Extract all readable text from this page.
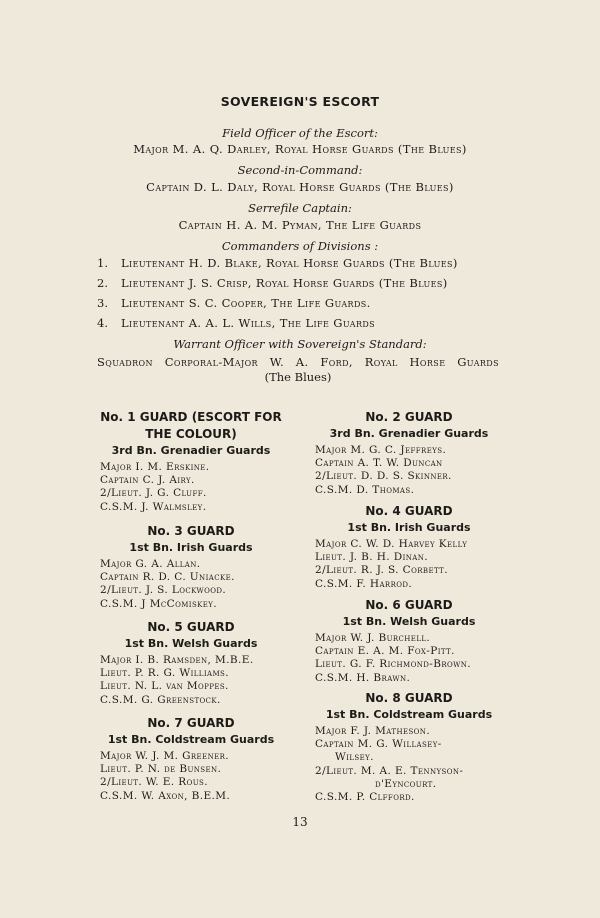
SOVEREIGN'S ESCORT
Field Officer of the Escort:
Major M. A. Q. Darley, Royal Horse Guards (The Blues)
Second-in-Command:
Captain D. L. Daly, Royal Horse Guards (The Blues)
Serrefile Captain:
Captain H. A. M. Pyman, The Life Guards
Commanders of Divisions :
1. Lieutenant H. D. Blake, Royal Horse Guards (The Blues)
2. Lieutenant J. S. Crisp, Royal Horse Guards (The Blues)
3. Lieutenant S. C. Cooper, The Life Guards.
4. Lieutenant A. A. L. Wills, The Life Guards
Warrant Officer with Sovereign's Standard:
Squadron Corporal-Major W. A. Ford, Royal Horse Guards
(The Blues)
No. 1 GUARD (ESCORT FOR
THE COLOUR)
3rd Bn. Grenadier Guards
Major I. M. Erskine.
Captain C. J. Airy.
2/Lieut. J. G. Cluff.
C.S.M. J. Walmsley.
No. 3 GUARD
1st Bn. Irish Guards
Major G. A. Allan.
Captain R. D. C. Uniacke.
2/Lieut. J. S. Lockwood.
C.S.M. J McComiskey.
No. 5 GUARD
1st Bn. Welsh Guards
Major I. B. Ramsden, M.B.E.
Lieut. P. R. G. Williams.
Lieut. N. L. van Moppes.
C.S.M. G. Greenstock.
No. 7 GUARD
1st Bn. Coldstream Guards
Major W. J. M. Greener.
Lieut. P. N. de Bunsen.
2/Lieut. W. E. Rous.
C.S.M. W. Axon, B.E.M.
No. 2 GUARD
3rd Bn. Grenadier Guards
Major M. G. C. Jeffreys.
Captain A. T. W. Duncan
2/Lieut. D. D. S. Skinner.
C.S.M. D. Thomas.
No. 4 GUARD
1st Bn. Irish Guards
Major C. W. D. Harvey Kelly
Lieut. J. B. H. Dinan.
2/Lieut. R. J. S. Corbett.
C.S.M. F. Harrod.
No. 6 GUARD
1st Bn. Welsh Guards
Major W. J. Burchell.
Captain E. A. M. Fox-Pitt.
Lieut. G. F. Richmond-Brown.
C.S.M. H. Brawn.
No. 8 GUARD
1st Bn. Coldstream Guards
Major F. J. Matheson.
Captain M. G. Willasey-
Wilsey.
2/Lieut. M. A. E. Tennyson-
d'Eyncourt.
C.S.M. P. Clfford.
13
